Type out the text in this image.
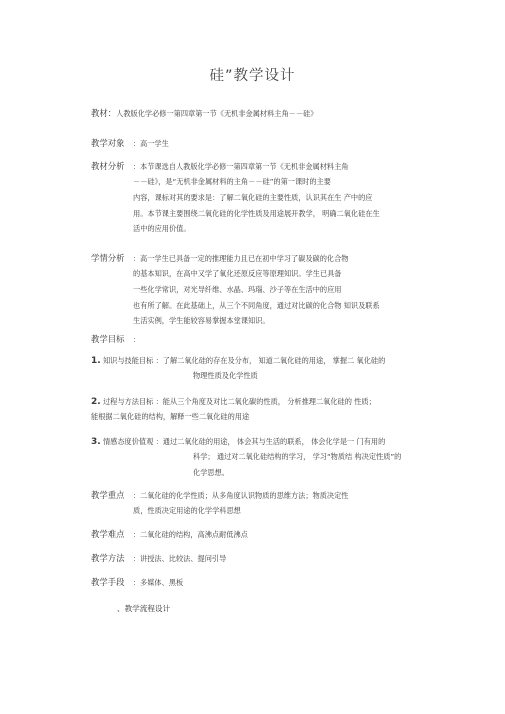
硅”教学设计
教材：人教版化学必修一第四章第一节《无机非金属材料主角－－硅》
教学对象 ：高一学生
教材分析 ：本节课选自人教版化学必修一第四章第一节《无机非金属材料主角
－－硅》，是“无机非金属材料的主角－－硅”的第一课时的主要
内容，课标对其的要求是：了解二氧化硅的主要性质，认识其在生 产中的应
用。本节课主要围绕二氧化硅的化学性质及用途展开教学， 明确二氧化硅在生
活中的应用价值。
学情分析 ：高一学生已具备一定的推理能力且已在初中学习了碳及碳的化合物
的基本知识，在高中又学了氧化还原反应等原理知识。学生已具备
一些化学常识，对光导纤维、水晶、玛瑙、沙子等在生活中的应用
也有所了解。在此基础上，从三个不同角度，通过对比碳的化合物 知识及联系
生活实例，学生能较容易掌握本堂课知识。
教学目标 ：
1. 知识与技能目标 ：了解二氧化硅的存在及分布， 知道二氧化硅的用途， 掌握二 氧化硅的
物理性质及化学性质
2. 过程与方法目标 ：能从三个角度及对比二氧化碳的性质， 分析推理二氧化硅的 性质；
能根据二氧化硅的结构，解释一些二氧化硅的用途
3. 情感态度价值观 ：通过二氧化硅的用途， 体会其与生活的联系， 体会化学是一 门有用的
科学； 通过对二氧化硅结构的学习， 学习“物质结 构决定性质”的
化学思想。
教学重点 ：二氧化硅的化学性质；从多角度认识物质的思维方法；物质决定性
质，性质决定用途的化学学科思想
教学难点 ：二氧化硅的结构，高沸点耐低沸点
教学方法 ：讲授法、比较法、提问引导
教学手段 ：多媒体、黑板
、教学流程设计
